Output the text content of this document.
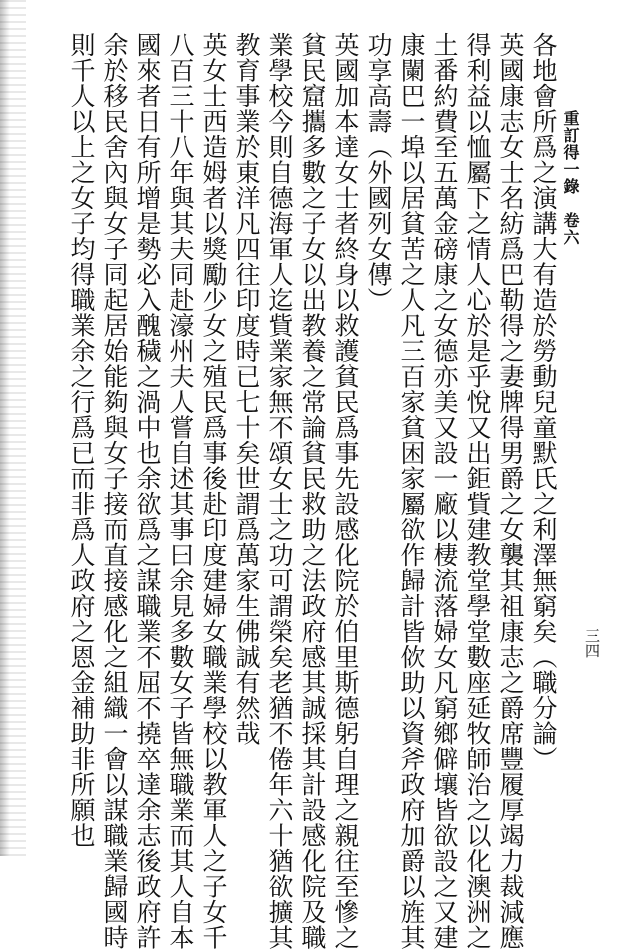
重訂得一錄　卷六
三四
各地會所爲之演講大有造於勞動兒童默氏之利澤無窮矣（職分論）
英國康志女士名紡爲巴勒得之妻牌得男爵之女襲其祖康志之爵席豐履厚竭力裁減應
得利益以恤屬下之情人心於是乎悅又出鉅貲建教堂學堂數座延牧師治之以化澳洲之
土番約費至五萬金磅康之女德亦美又設一廠以棲流落婦女凡窮鄉僻壤皆欲設之又建
康闌巴一埠以居貧苦之人凡三百家貧困家屬欲作歸計皆佽助以資斧政府加爵以旌其
功享高壽（外國列女傳）
英國加本達女士者終身以救護貧民爲事先設感化院於伯里斯德躬自理之親往至慘之
貧民窟攜多數之子女以出教養之常論貧民救助之法政府感其誠採其計設感化院及職
業學校今則自德海軍人迄貲業家無不頌女士之功可謂榮矣老猶不倦年六十猶欲擴其
教育事業於東洋凡四往印度時已七十矣世謂爲萬家生佛誠有然哉
英女士西造姆者以獎勵少女之殖民爲事後赴印度建婦女職業學校以教軍人之子女千
八百三十八年與其夫同赴濠州夫人嘗自述其事曰余見多數女子皆無職業而其人自本
國來者日有所增是勢必入醜穢之渦中也余欲爲之謀職業不屈不撓卒達余志後政府許
余於移民舍內與女子同起居始能夠與女子接而直接感化之組織一會以謀職業歸國時
則千人以上之女子均得職業余之行爲已而非爲人政府之恩金補助非所願也
